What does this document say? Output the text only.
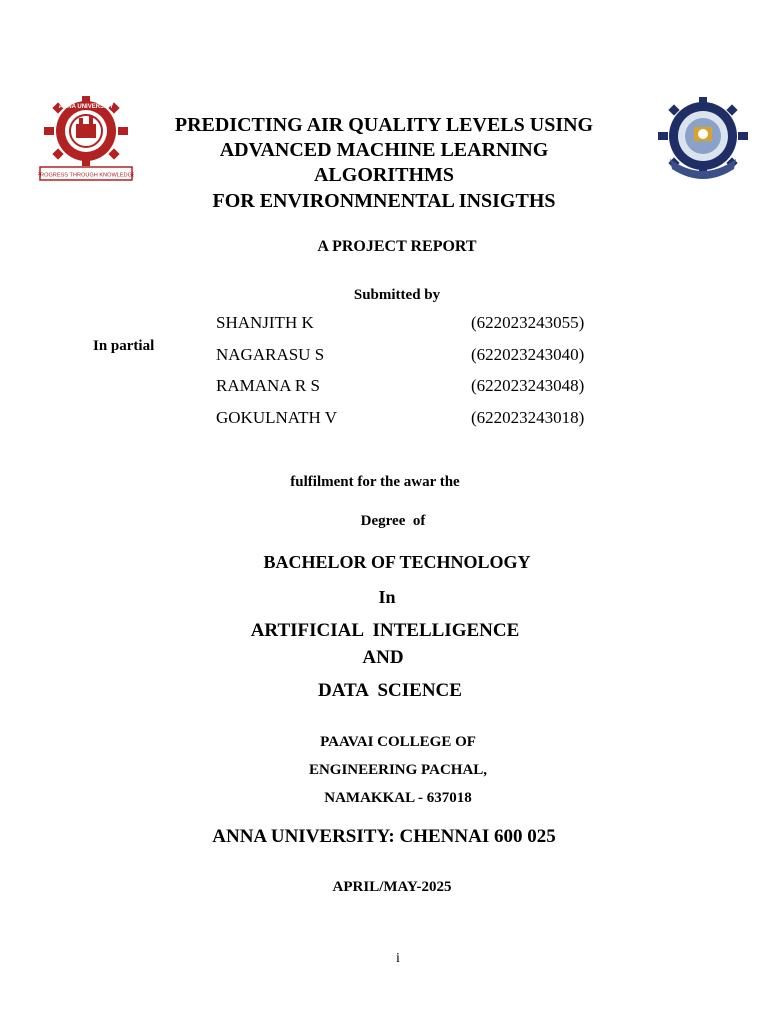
ANNA UNIVERSITY
PROGRESS THROUGH KNOWLEDGE
PREDICTING AIR QUALITY LEVELS USING
ADVANCED MACHINE LEARNING
ALGORITHMS
FOR ENVIRONMNENTAL INSIGTHS
A PROJECT REPORT
Submitted by
In partial
SHANJITH K	(622023243055)
NAGARASU S	(622023243040)
RAMANA R S	(622023243048)
GOKULNATH V	(622023243018)
fulfilment for the awar the
Degree  of
BACHELOR OF TECHNOLOGY
In
ARTIFICIAL  INTELLIGENCE
AND
DATA  SCIENCE
PAAVAI COLLEGE OF
ENGINEERING PACHAL,
NAMAKKAL - 637018
ANNA UNIVERSITY: CHENNAI 600 025
APRIL/MAY-2025
i
